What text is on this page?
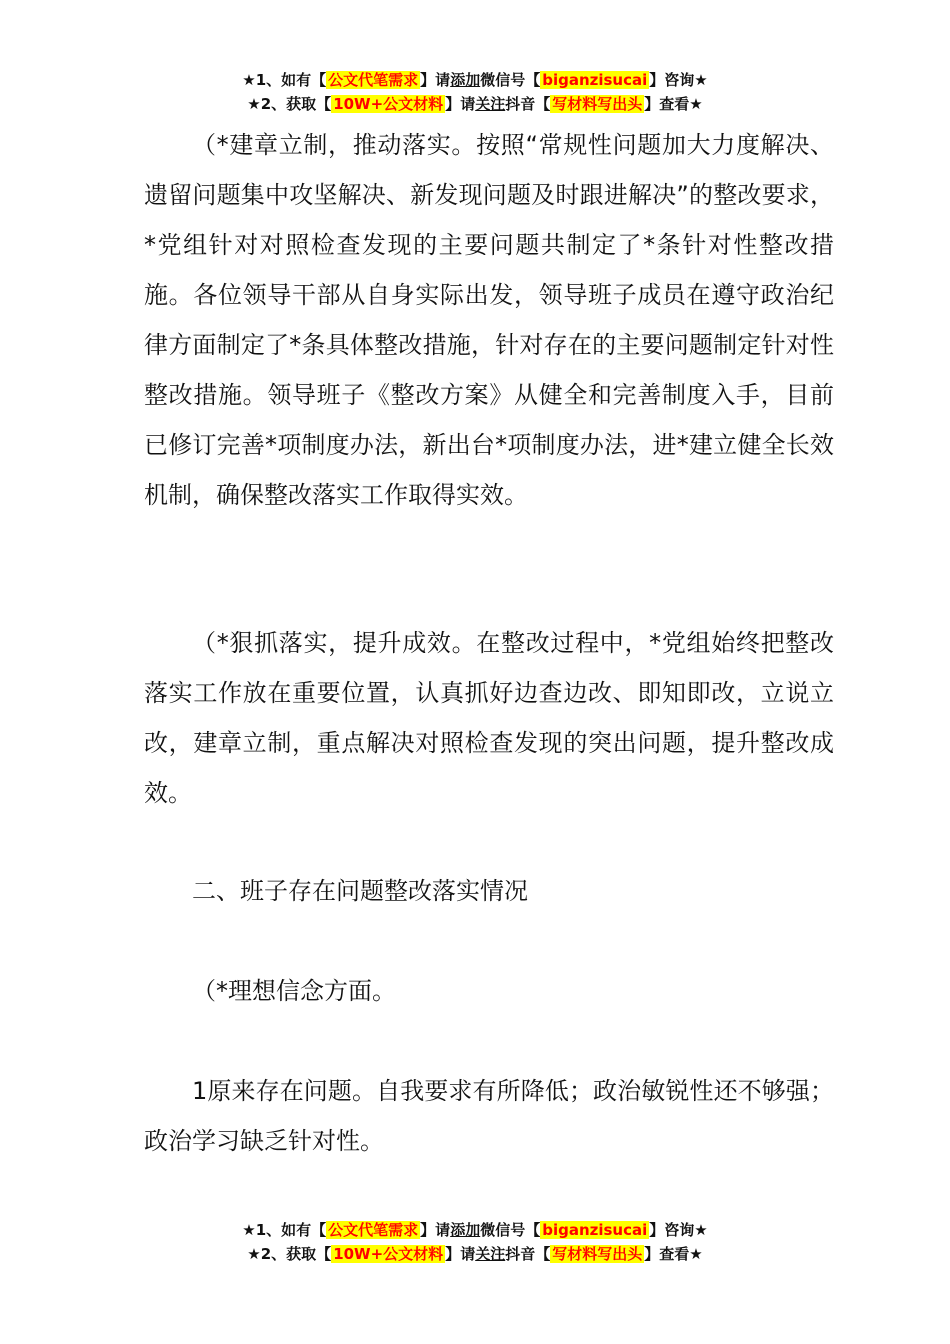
★1、如有【 公文代笔需求 】请添加微信号【 biganzisucai 】咨询★
★2、获取【 10W+公文材料 】请关注抖音【 写材料写出头 】查看★

（*建章立制，推动落实。按照“常规性问题加大力度解决、遗留问题集中攻坚解决、新发现问题及时跟进解决”的整改要求，*党组针对对照检查发现的主要问题共制定了*条针对性整改措施。各位领导干部从自身实际出发，领导班子成员在遵守政治纪律方面制定了*条具体整改措施，针对存在的主要问题制定针对性整改措施。领导班子《整改方案》从健全和完善制度入手，目前已修订完善*项制度办法，新出台*项制度办法，进*建立健全长效机制，确保整改落实工作取得实效。

（*狠抓落实，提升成效。在整改过程中，*党组始终把整改落实工作放在重要位置，认真抓好边查边改、即知即改，立说立改，建章立制，重点解决对照检查发现的突出问题，提升整改成效。

二、班子存在问题整改落实情况

（*理想信念方面。

1原来存在问题。自我要求有所降低；政治敏锐性还不够强；政治学习缺乏针对性。

★1、如有【 公文代笔需求 】请添加微信号【 biganzisucai 】咨询★
★2、获取【 10W+公文材料 】请关注抖音【 写材料写出头 】查看★
